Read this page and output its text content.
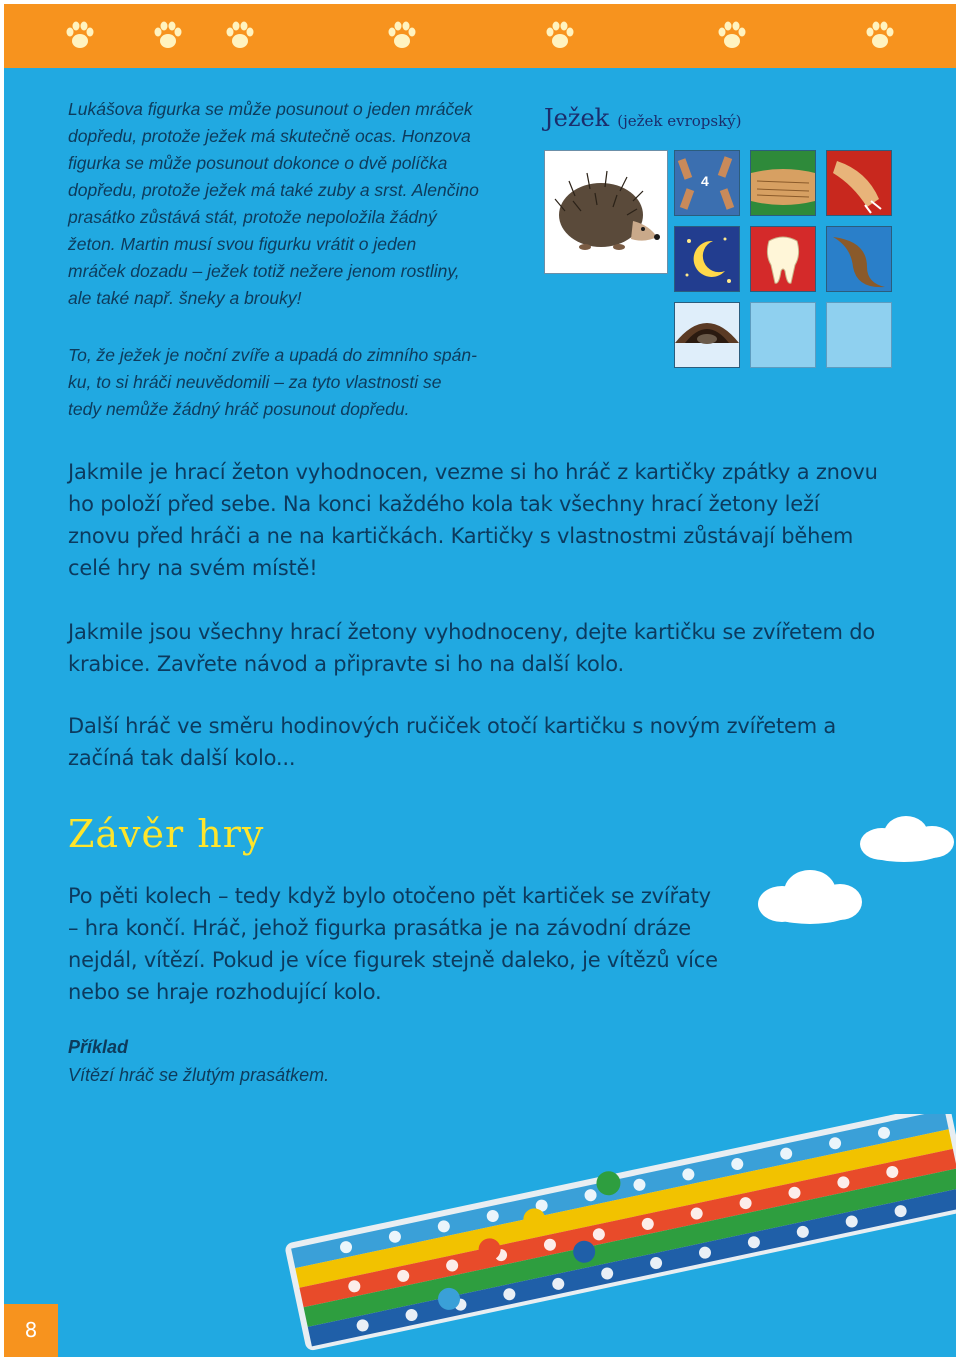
Lukášova figurka se může posunout o jeden mráček
dopředu, protože ježek má skutečně ocas. Honzova
figurka se může posunout dokonce o dvě políčka
dopředu, protože ježek má také zuby a srst. Alenčino
prasátko zůstává stát, protože nepoložila žádný
žeton. Martin musí svou figurku vrátit o jeden
mráček dozadu – ježek totiž nežere jenom rostliny,
ale také např. šneky a brouky!

To, že ježek je noční zvíře a upadá do zimního spán-
ku, to si hráči neuvědomili – za tyto vlastnosti se
tedy nemůže žádný hráč posunout dopředu.

Ježek (ježek evropský)
4

Jakmile je hrací žeton vyhodnocen, vezme si ho hráč z kartičky zpátky a znovu
ho položí před sebe. Na konci každého kola tak všechny hrací žetony leží
znovu před hráči a ne na kartičkách. Kartičky s vlastnostmi zůstávají během
celé hry na svém místě!

Jakmile jsou všechny hrací žetony vyhodnoceny, dejte kartičku se zvířetem do
krabice. Zavřete návod a připravte si ho na další kolo.

Další hráč ve směru hodinových ručiček otočí kartičku s novým zvířetem a
začíná tak další kolo...

Závěr hry

Po pěti kolech – tedy když bylo otočeno pět kartiček se zvířaty
– hra končí. Hráč, jehož figurka prasátka je na závodní dráze
nejdál, vítězí. Pokud je více figurek stejně daleko, je vítězů více
nebo se hraje rozhodující kolo.

Příklad

Vítězí hráč se žlutým prasátkem.

8
